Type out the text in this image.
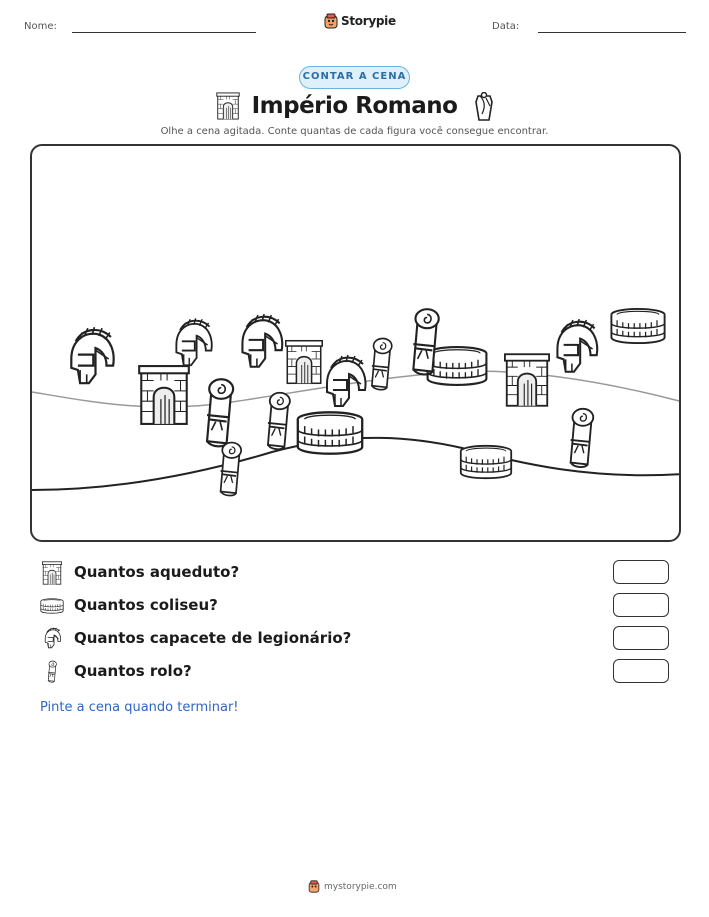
Nome:	Storypie	Data:
CONTAR A CENA
Império Romano
Olhe a cena agitada. Conte quantas de cada figura você consegue encontrar.
Quantos aqueduto?
Quantos coliseu?
Quantos capacete de legionário?
Quantos rolo?
Pinte a cena quando terminar!
mystorypie.com
